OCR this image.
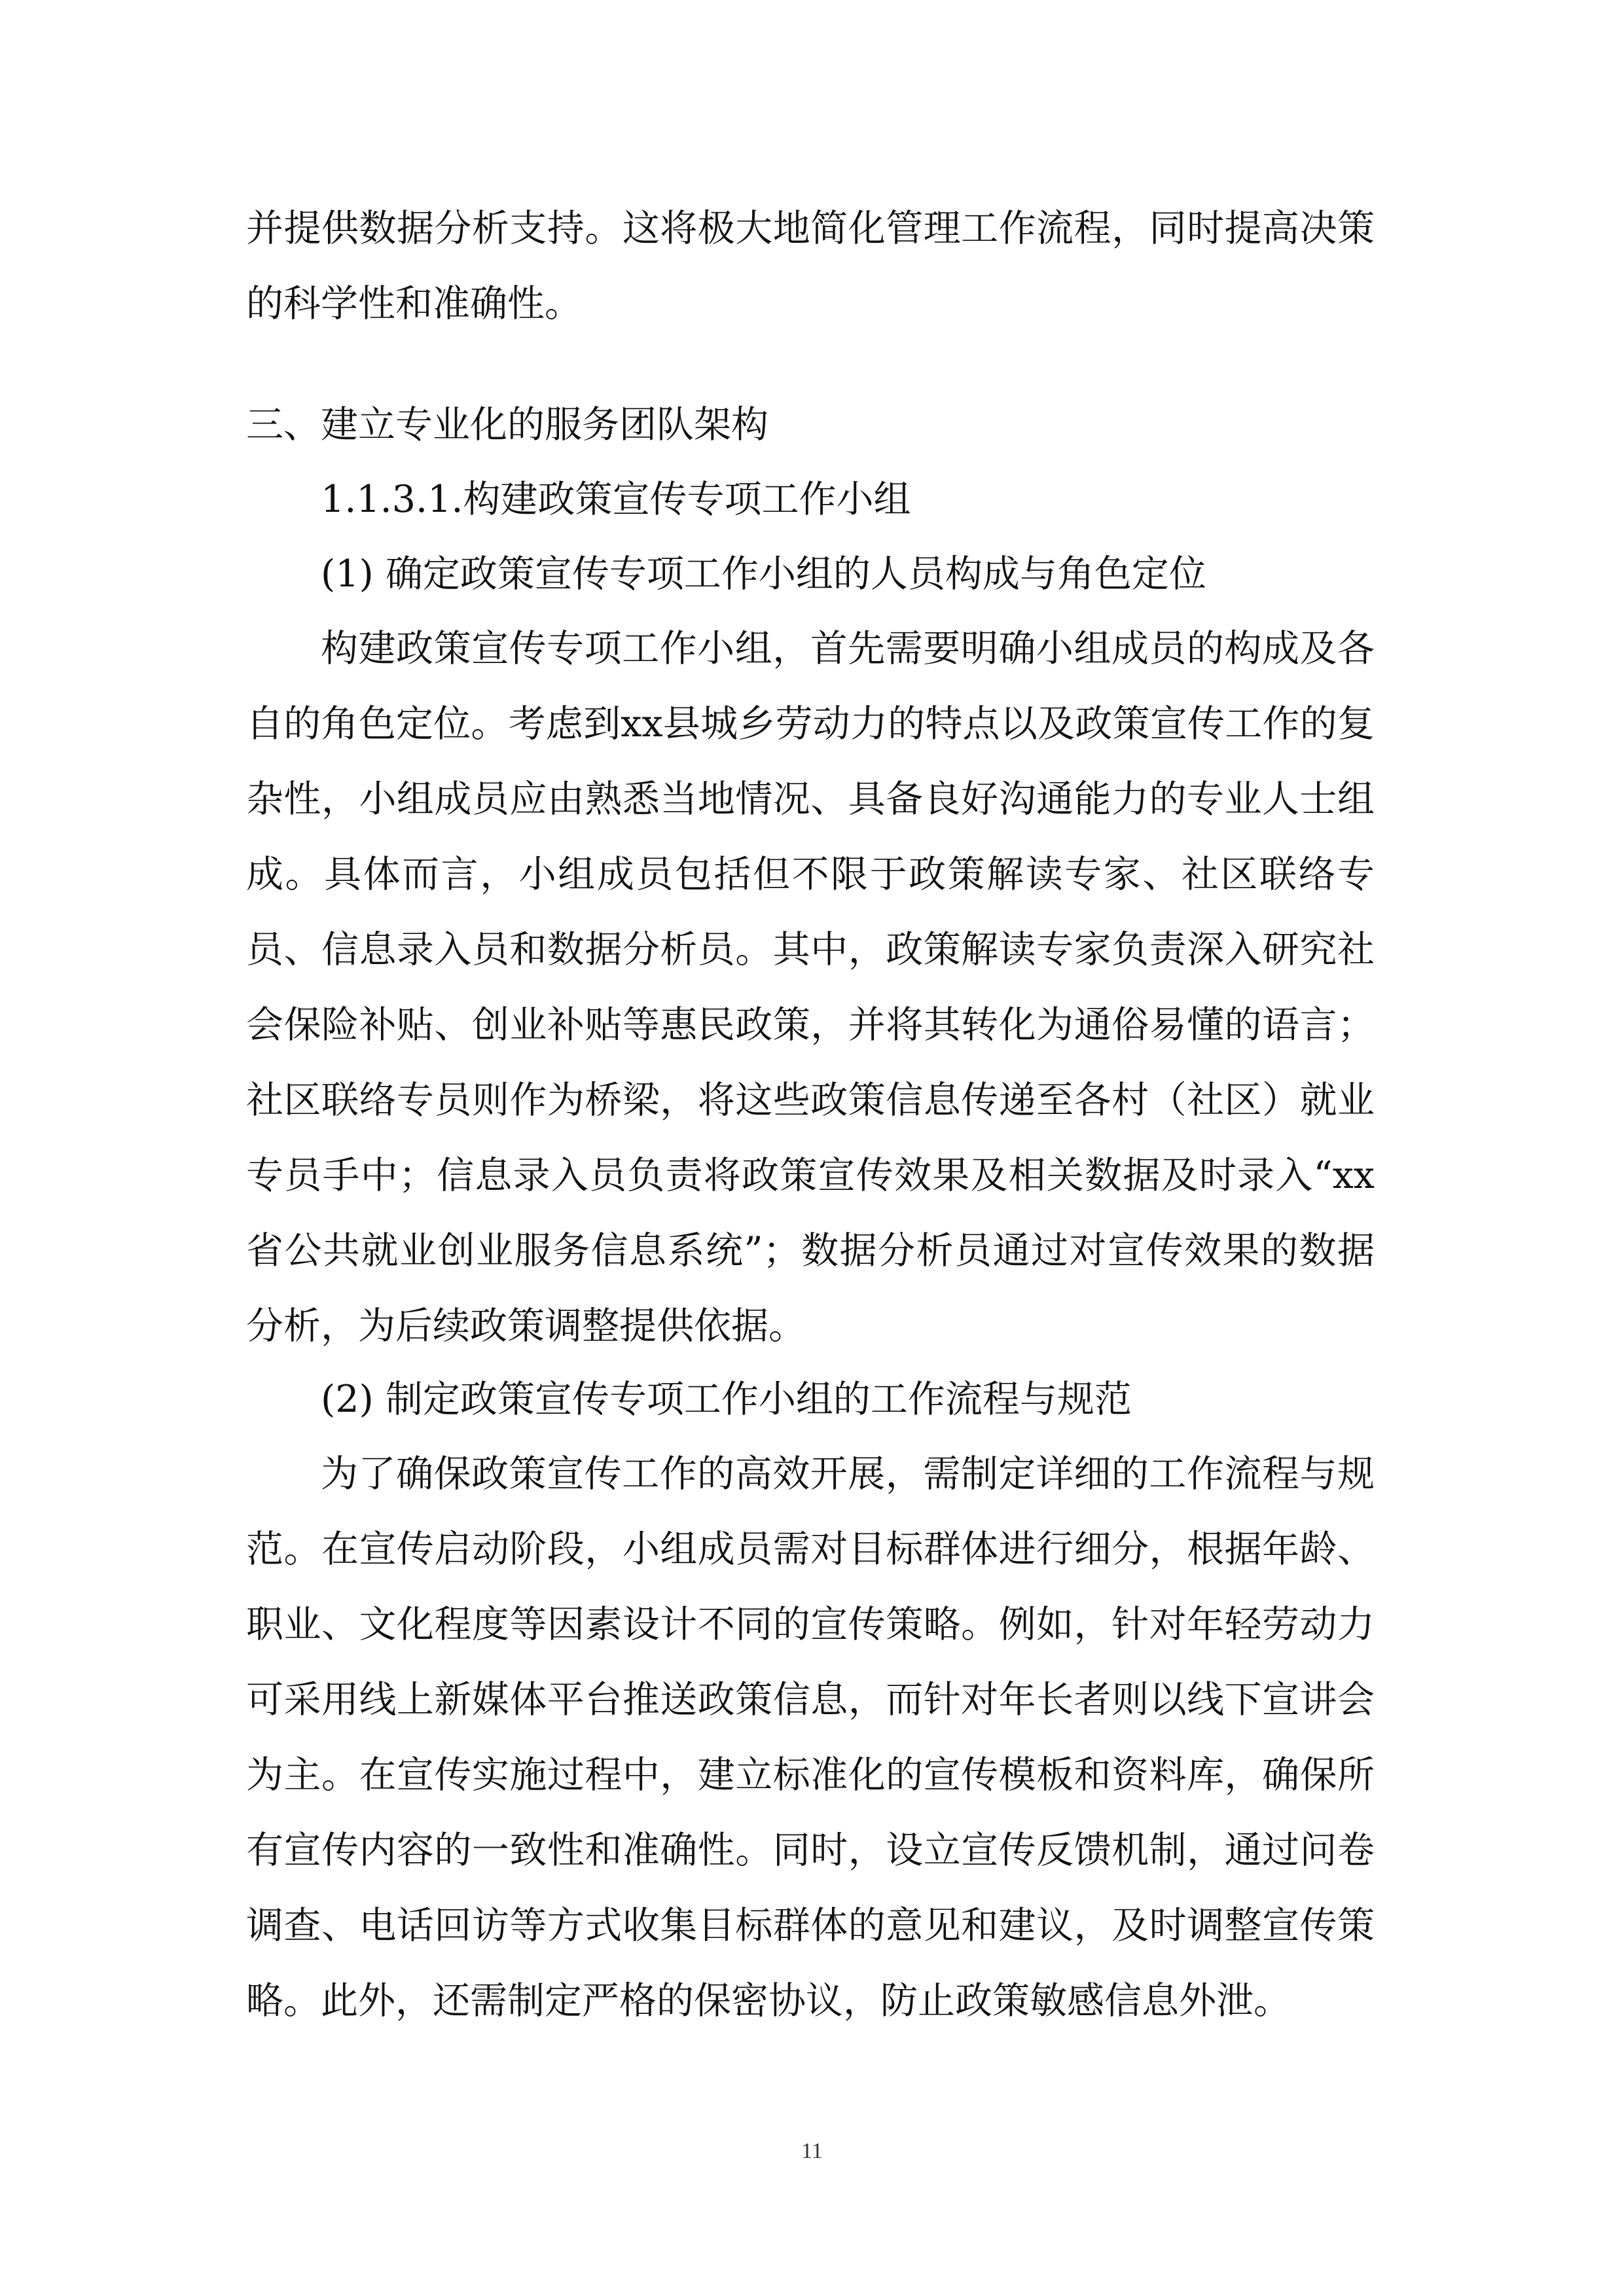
并提供数据分析支持。这将极大地简化管理工作流程，同时提高决策的科学性和准确性。
三、建立专业化的服务团队架构
1.1.3.1.构建政策宣传专项工作小组
(1) 确定政策宣传专项工作小组的人员构成与角色定位
构建政策宣传专项工作小组，首先需要明确小组成员的构成及各自的角色定位。考虑到xx县城乡劳动力的特点以及政策宣传工作的复杂性，小组成员应由熟悉当地情况、具备良好沟通能力的专业人士组成。具体而言，小组成员包括但不限于政策解读专家、社区联络专员、信息录入员和数据分析员。其中，政策解读专家负责深入研究社会保险补贴、创业补贴等惠民政策，并将其转化为通俗易懂的语言；社区联络专员则作为桥梁，将这些政策信息传递至各村（社区）就业专员手中；信息录入员负责将政策宣传效果及相关数据及时录入“xx省公共就业创业服务信息系统”；数据分析员通过对宣传效果的数据分析，为后续政策调整提供依据。
(2) 制定政策宣传专项工作小组的工作流程与规范
为了确保政策宣传工作的高效开展，需制定详细的工作流程与规范。在宣传启动阶段，小组成员需对目标群体进行细分，根据年龄、职业、文化程度等因素设计不同的宣传策略。例如，针对年轻劳动力可采用线上新媒体平台推送政策信息，而针对年长者则以线下宣讲会为主。在宣传实施过程中，建立标准化的宣传模板和资料库，确保所有宣传内容的一致性和准确性。同时，设立宣传反馈机制，通过问卷调查、电话回访等方式收集目标群体的意见和建议，及时调整宣传策略。此外，还需制定严格的保密协议，防止政策敏感信息外泄。
11
